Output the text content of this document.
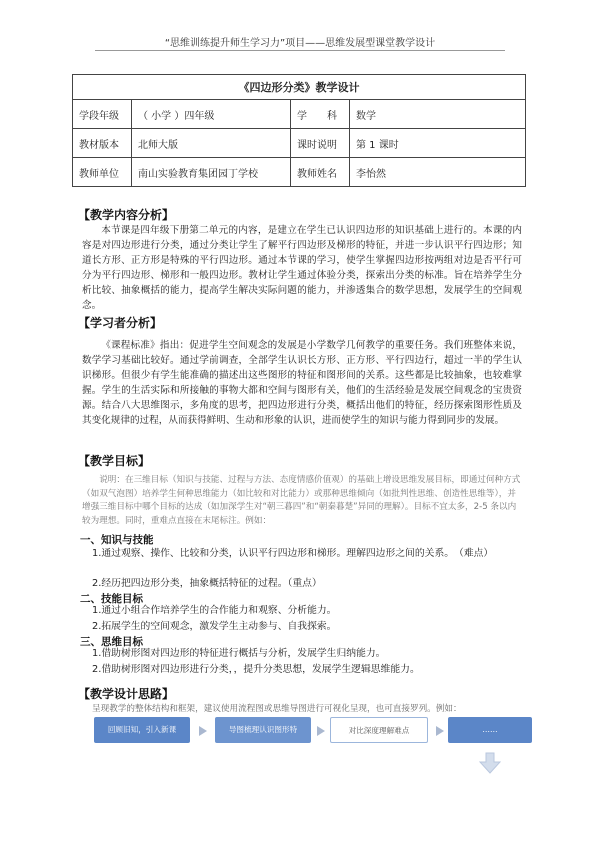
“思维训练提升师生学习力”项目——思维发展型课堂教学设计
《四边形分类》教学设计			
学段年级	（ 小学 ）四年级	学　　科	数学
教材版本	北师大版	课时说明	第 1 课时
教师单位	南山实验教育集团园丁学校	教师姓名	李怡然
【教学内容分析】

本节课是四年级下册第二单元的内容，是建立在学生已认识四边形的知识基础上进行的。本课的内容是对四边形进行分类，通过分类让学生了解平行四边形及梯形的特征，并进一步认识平行四边形；知道长方形、正方形是特殊的平行四边形。通过本节课的学习，使学生掌握四边形按两组对边是否平行可分为平行四边形、梯形和一般四边形。教材让学生通过体验分类，探索出分类的标准。旨在培养学生分析比较、抽象概括的能力，提高学生解决实际问题的能力，并渗透集合的数学思想，发展学生的空间观念。

【学习者分析】

《课程标准》指出：促进学生空间观念的发展是小学数学几何教学的重要任务。我们班整体来说，数学学习基础比较好。通过学前调查，全部学生认识长方形、正方形、平行四边行，超过一半的学生认识梯形。但很少有学生能准确的描述出这些图形的特征和图形间的关系。这些都是比较抽象，也较难掌握。学生的生活实际和所接触的事物大都和空间与图形有关，他们的生活经验是发展空间观念的宝贵资源。结合八大思维图示，多角度的思考，把四边形进行分类，概括出他们的特征，经历探索图形性质及其变化规律的过程，从而获得鲜明、生动和形象的认识，进而使学生的知识与能力得到同步的发展。

【教学目标】

说明：在三维目标（知识与技能、过程与方法、态度情感价值观）的基础上增设思维发展目标，即通过何种方式（如双气泡图）培养学生何种思维能力（如比较和对比能力）或那种思维倾向（如批判性思维、创造性思维等），并增强三维目标中哪个目标的达成（如加深学生对“朝三暮四”和“朝秦暮楚”异同的理解）。目标不宜太多，2-5 条以内较为理想。同时，重难点直接在末尾标注。例如：

一、知识与技能
1.通过观察、操作、比较和分类，认识平行四边形和梯形。理解四边形之间的关系。　（难点）
2.经历把四边形分类，抽象概括特征的过程。（重点）
二、技能目标
1.通过小组合作培养学生的合作能力和观察、分析能力。
2.拓展学生的空间观念，激发学生主动参与、自我探索。
三、思维目标
1.借助树形图对四边形的特征进行概括与分析，发展学生归纳能力。
2.借助树形图对四边形进行分类，，提升分类思想，发展学生逻辑思维能力。
【教学设计思路】
呈现教学的整体结构和框架，建议使用流程图或思维导图进行可视化呈现，也可直接罗列。例如：
回顾旧知，引入新课	导图梳理认识图形特	对比深度理解难点	……
